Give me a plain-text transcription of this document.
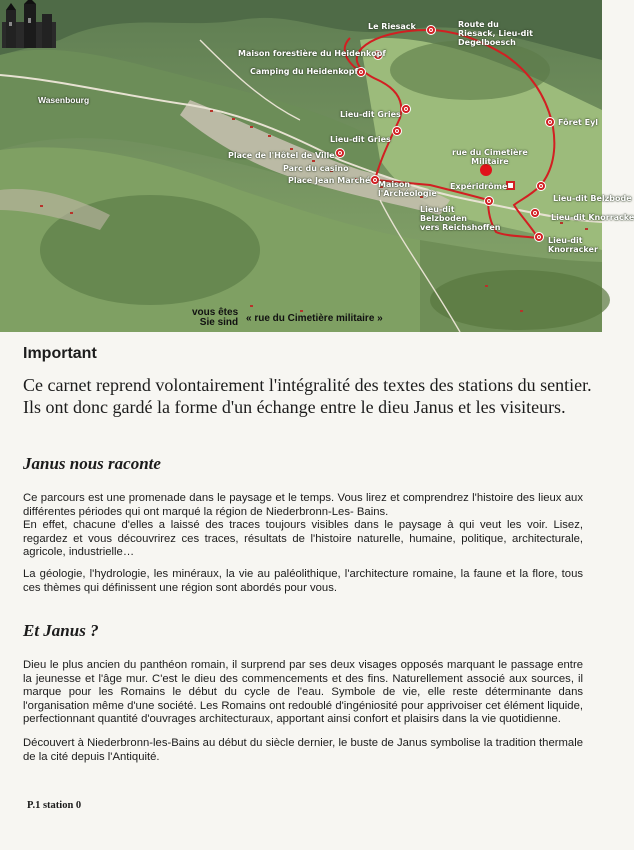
Wasenbourg
Le Riesack	Route du
Riesack, Lieu-dit
Degelboesch
Maison forestière du Heidenkopf
Camping du Heidenkopf
Lieu-dit Gries
Lieu-dit Gries
Fôret Eyl
Place de l'Hôtel de Ville
Parc du casino
Place Jean Marché Maison
l'Archéologie
rue du Cimetière
Militaire
Expéridrôme
Lieu-dit
Belzboden
vers Reichshoffen
Lieu-dit Belzbode
Lieu-dit Knorracke
Lieu-dit
Knorracker
vous êtes
Sie sind « rue du Cimetière militaire »
Important

Ce carnet reprend volontairement l'intégralité des textes des stations du sentier. Ils ont donc gardé la forme d'un échange entre le dieu Janus et les visiteurs.

Janus nous raconte

Ce parcours est une promenade dans le paysage et le temps. Vous lirez et comprendrez l'histoire des lieux aux différentes périodes qui ont marqué la région de Niederbronn-Les- Bains.
En effet, chacune d'elles a laissé des traces toujours visibles dans le paysage à qui veut les voir. Lisez, regardez et vous découvrirez ces traces, résultats de l'histoire naturelle, humaine, politique, architecturale, agricole, industrielle…

La géologie, l'hydrologie, les minéraux, la vie au paléolithique, l'architecture romaine, la faune et la flore, tous ces thèmes qui définissent une région sont abordés pour vous.

Et Janus ?

Dieu le plus ancien du panthéon romain, il surprend par ses deux visages opposés marquant le passage entre la jeunesse et l'âge mur. C'est le dieu des commencements et des fins. Naturellement associé aux sources, il marque pour les Romains le début du cycle de l'eau. Symbole de vie, elle reste déterminante dans l'organisation même d'une société. Les Romains ont redoublé d'ingéniosité pour apprivoiser cet élément liquide, perfectionnant quantité d'ouvrages architecturaux, apportant ainsi confort et plaisirs dans la vie quotidienne.

Découvert à Niederbronn-les-Bains au début du siècle dernier, le buste de Janus symbolise la tradition thermale de la cité depuis l'Antiquité.

P.1 station 0
